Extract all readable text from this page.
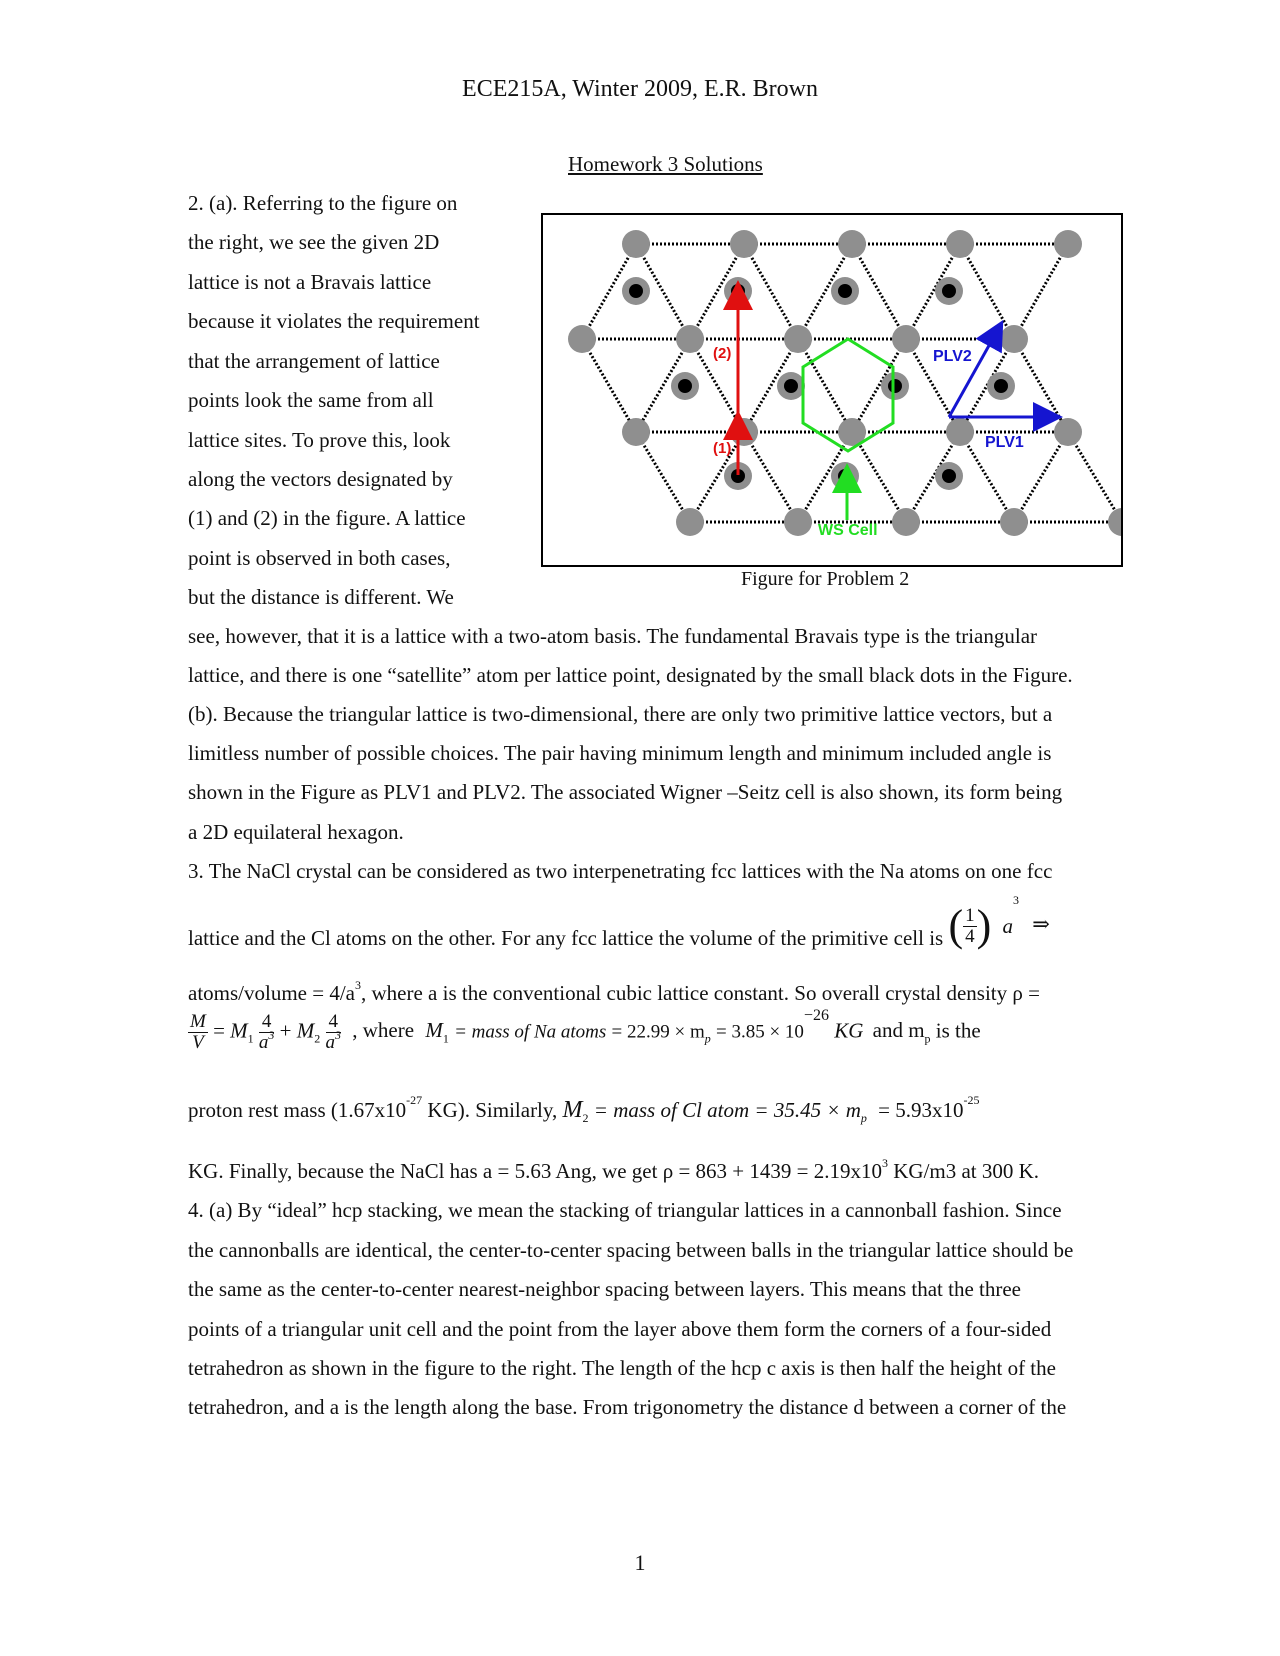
ECE215A, Winter 2009, E.R. Brown
Homework 3 Solutions
2. (a). Referring to the figure on
the right, we see the given 2D
lattice is not a Bravais lattice
because it violates the requirement
that the arrangement of lattice
points look the same from all
lattice sites. To prove this, look
along the vectors designated by
(1) and (2) in the figure. A lattice
point is observed in both cases,
but the distance is different. We
(1)
(2)
PLV1
PLV2
WS Cell
Figure for Problem 2
see, however, that it is a lattice with a two-atom basis. The fundamental Bravais type is the triangular
lattice, and there is one “satellite” atom per lattice point, designated by the small black dots in the Figure.
(b). Because the triangular lattice is two-dimensional, there are only two primitive lattice vectors, but a
limitless number of possible choices. The pair having minimum length and minimum included angle is
shown in the Figure as PLV1 and PLV2. The associated Wigner –Seitz cell is also shown, its form being
a 2D equilateral hexagon.
3. The NaCl crystal can be considered as two interpenetrating fcc lattices with the Na atoms on one fcc
lattice and the Cl atoms on the other. For any fcc lattice the volume of the primitive cell is ( $\frac{1}{4}$ ) $a^3$ ⇒
atoms/volume = $4/a^3$, where a is the conventional cubic lattice constant. So overall crystal density ρ =
$\frac{M}{V} = M_1 \frac{4}{a^3} + M_2 \frac{4}{a^3}$ , where $M_1$ = mass of Na atoms = $22.99 \times m_p = 3.85 \times 10^{-26}$ KG and $m_p$ is the
proton rest mass ($1.67x10^{-27}$ KG). Similarly, $M_2$ = mass of Cl atom = $35.45 \times m_p = 5.93x10^{-25}$
KG. Finally, because the NaCl has a = 5.63 Ang, we get $\rho = 863 + 1439 = 2.19x10^3$ KG/m3 at 300 K.
4. (a) By “ideal” hcp stacking, we mean the stacking of triangular lattices in a cannonball fashion. Since
the cannonballs are identical, the center-to-center spacing between balls in the triangular lattice should be
the same as the center-to-center nearest-neighbor spacing between layers. This means that the three
points of a triangular unit cell and the point from the layer above them form the corners of a four-sided
tetrahedron as shown in the figure to the right. The length of the hcp c axis is then half the height of the
tetrahedron, and a is the length along the base. From trigonometry the distance d between a corner of the
1
